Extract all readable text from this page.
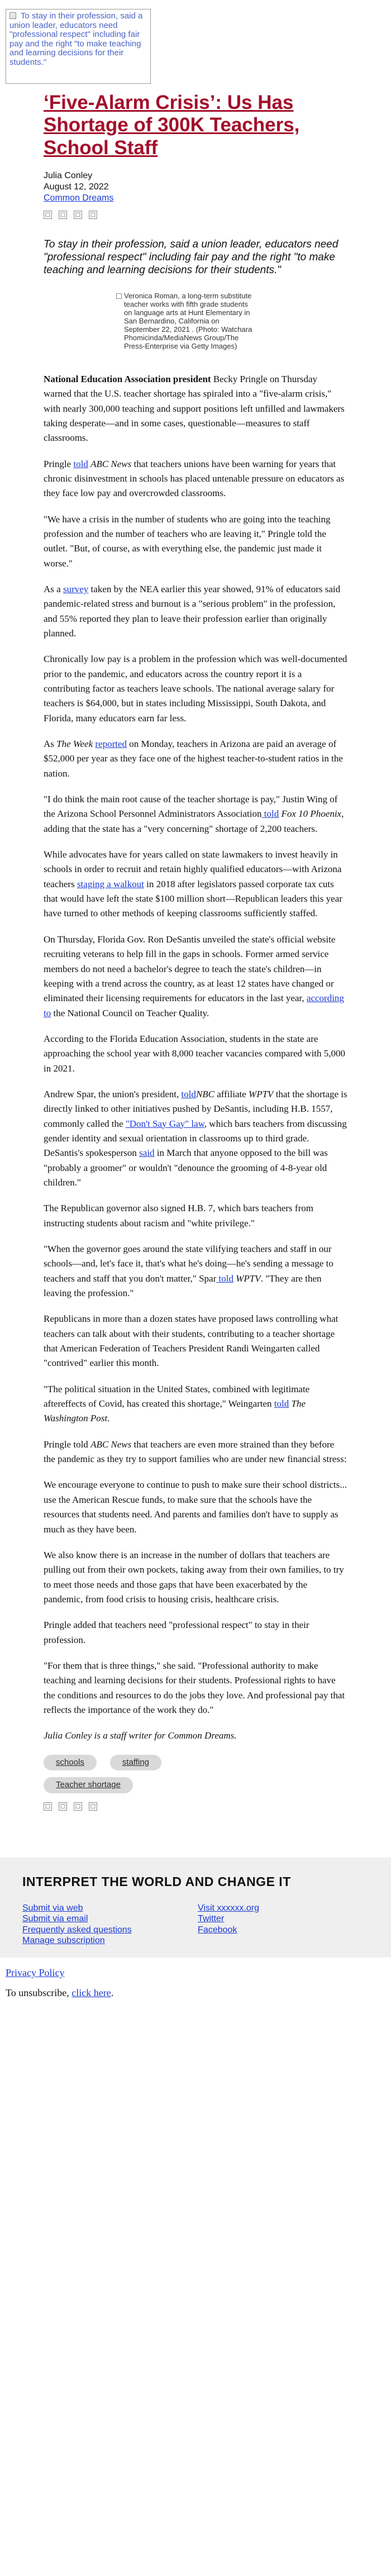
To stay in their profession, said a union leader, educators need "professional respect" including fair pay and the right "to make teaching and learning decisions for their students."
‘Five-Alarm Crisis’: Us Has Shortage of 300K Teachers, School Staff
Julia Conley
August 12, 2022
Common Dreams
□ □ □ □
To stay in their profession, said a union leader, educators need "professional respect" including fair pay and the right "to make teaching and learning decisions for their students."
Veronica Roman, a long-term substitute teacher works with fifth grade students on language arts at Hunt Elementary in San Bernardino, California on September 22, 2021 . (Photo: Watchara Phomicinda/MediaNews Group/The Press-Enterprise via Getty Images)

National Education Association president Becky Pringle on Thursday warned that the U.S. teacher shortage has spiraled into a "five-alarm crisis," with nearly 300,000 teaching and support positions left unfilled and lawmakers taking desperate—and in some cases, questionable—measures to staff classrooms.

Pringle told ABC News that teachers unions have been warning for years that chronic disinvestment in schools has placed untenable pressure on educators as they face low pay and overcrowded classrooms.

"We have a crisis in the number of students who are going into the teaching profession and the number of teachers who are leaving it," Pringle told the outlet. "But, of course, as with everything else, the pandemic just made it worse."

As a survey taken by the NEA earlier this year showed, 91% of educators said pandemic-related stress and burnout is a "serious problem" in the profession, and 55% reported they plan to leave their profession earlier than originally planned.

Chronically low pay is a problem in the profession which was well-documented prior to the pandemic, and educators across the country report it is a contributing factor as teachers leave schools. The national average salary for teachers is $64,000, but in states including Mississippi, South Dakota, and Florida, many educators earn far less.

As The Week reported on Monday, teachers in Arizona are paid an average of $52,000 per year as they face one of the highest teacher-to-student ratios in the nation.

"I do think the main root cause of the teacher shortage is pay," Justin Wing of the Arizona School Personnel Administrators Association told Fox 10 Phoenix, adding that the state has a "very concerning" shortage of 2,200 teachers.

While advocates have for years called on state lawmakers to invest heavily in schools in order to recruit and retain highly qualified educators—with Arizona teachers staging a walkout in 2018 after legislators passed corporate tax cuts that would have left the state $100 million short—Republican leaders this year have turned to other methods of keeping classrooms sufficiently staffed.

On Thursday, Florida Gov. Ron DeSantis unveiled the state's official website recruiting veterans to help fill in the gaps in schools. Former armed service members do not need a bachelor's degree to teach the state's children—in keeping with a trend across the country, as at least 12 states have changed or eliminated their licensing requirements for educators in the last year, according to the National Council on Teacher Quality.

According to the Florida Education Association, students in the state are approaching the school year with 8,000 teacher vacancies compared with 5,000 in 2021.

Andrew Spar, the union's president, toldNBC affiliate WPTV that the shortage is directly linked to other initiatives pushed by DeSantis, including H.B. 1557, commonly called the "Don't Say Gay" law, which bars teachers from discussing gender identity and sexual orientation in classrooms up to third grade. DeSantis's spokesperson said in March that anyone opposed to the bill was "probably a groomer" or wouldn't "denounce the grooming of 4-8-year old children."

The Republican governor also signed H.B. 7, which bars teachers from instructing students about racism and "white privilege."

"When the governor goes around the state vilifying teachers and staff in our schools—and, let's face it, that's what he's doing—he's sending a message to teachers and staff that you don't matter," Spar told WPTV. "They are then leaving the profession."

Republicans in more than a dozen states have proposed laws controlling what teachers can talk about with their students, contributing to a teacher shortage that American Federation of Teachers President Randi Weingarten called "contrived" earlier this month.

"The political situation in the United States, combined with legitimate aftereffects of Covid, has created this shortage," Weingarten told The Washington Post.

Pringle told ABC News that teachers are even more strained than they before the pandemic as they try to support families who are under new financial stress:

We encourage everyone to continue to push to make sure their school districts... use the American Rescue funds, to make sure that the schools have the resources that students need. And parents and families don't have to supply as much as they have been.

We also know there is an increase in the number of dollars that teachers are pulling out from their own pockets, taking away from their own families, to try to meet those needs and those gaps that have been exacerbated by the pandemic, from food crisis to housing crisis, healthcare crisis.

Pringle added that teachers need "professional respect" to stay in their profession.

"For them that is three things," she said. "Professional authority to make teaching and learning decisions for their students. Professional rights to have the conditions and resources to do the jobs they love. And professional pay that reflects the importance of the work they do."

Julia Conley is a staff writer for Common Dreams.

schools	staffing
Teacher shortage
□ □ □ □
INTERPRET THE WORLD AND CHANGE IT
Submit via web
Submit via email
Frequently asked questions
Manage subscription
Visit xxxxxx.org
Twitter
Facebook
Privacy Policy
To unsubscribe, click here.
